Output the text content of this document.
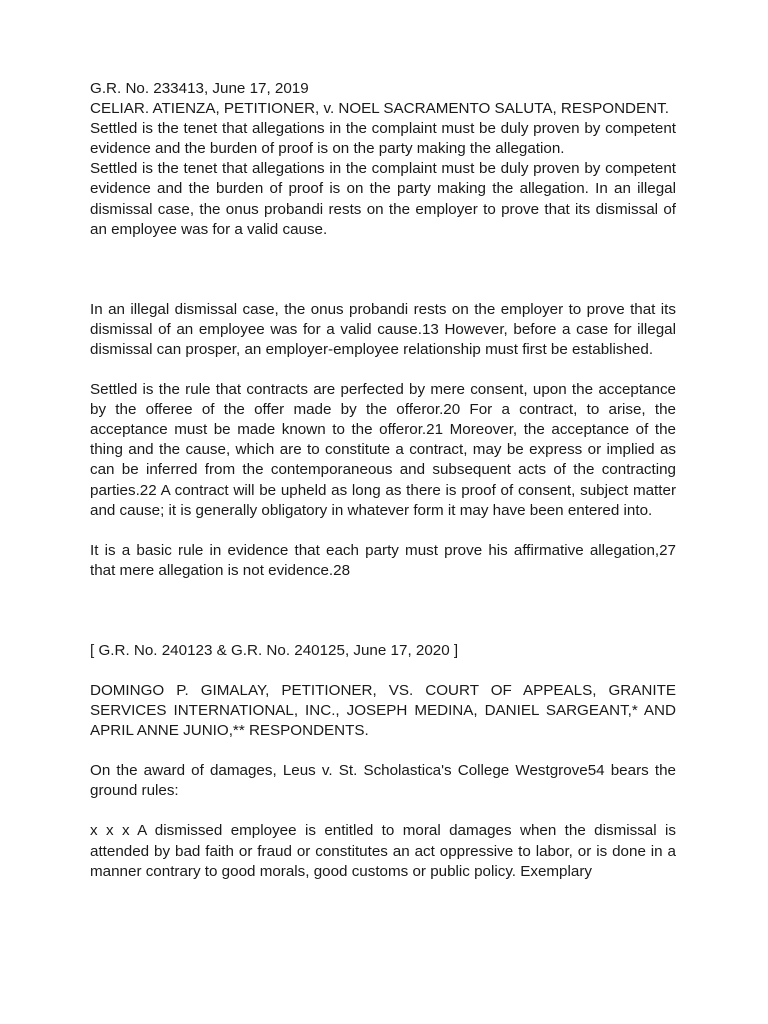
G.R. No. 233413, June 17, 2019

CELIAR. ATIENZA, PETITIONER, v. NOEL SACRAMENTO SALUTA, RESPONDENT.

Settled is the tenet that allegations in the complaint must be duly proven by competent evidence and the burden of proof is on the party making the allegation.

Settled is the tenet that allegations in the complaint must be duly proven by competent evidence and the burden of proof is on the party making the allegation. In an illegal dismissal case, the onus probandi rests on the employer to prove that its dismissal of an employee was for a valid cause.

In an illegal dismissal case, the onus probandi rests on the employer to prove that its dismissal of an employee was for a valid cause.13 However, before a case for illegal dismissal can prosper, an employer-employee relationship must first be established.

Settled is the rule that contracts are perfected by mere consent, upon the acceptance by the offeree of the offer made by the offeror.20 For a contract, to arise, the acceptance must be made known to the offeror.21 Moreover, the acceptance of the thing and the cause, which are to constitute a contract, may be express or implied as can be inferred from the contemporaneous and subsequent acts of the contracting parties.22 A contract will be upheld as long as there is proof of consent, subject matter and cause; it is generally obligatory in whatever form it may have been entered into.

It is a basic rule in evidence that each party must prove his affirmative allegation,27 that mere allegation is not evidence.28

[ G.R. No. 240123 & G.R. No. 240125, June 17, 2020 ]

DOMINGO P. GIMALAY, PETITIONER, VS. COURT OF APPEALS, GRANITE SERVICES INTERNATIONAL, INC., JOSEPH MEDINA, DANIEL SARGEANT,* AND APRIL ANNE JUNIO,** RESPONDENTS.

On the award of damages, Leus v. St. Scholastica's College Westgrove54 bears the ground rules:

x x x A dismissed employee is entitled to moral damages when the dismissal is attended by bad faith or fraud or constitutes an act oppressive to labor, or is done in a manner contrary to good morals, good customs or public policy. Exemplary
